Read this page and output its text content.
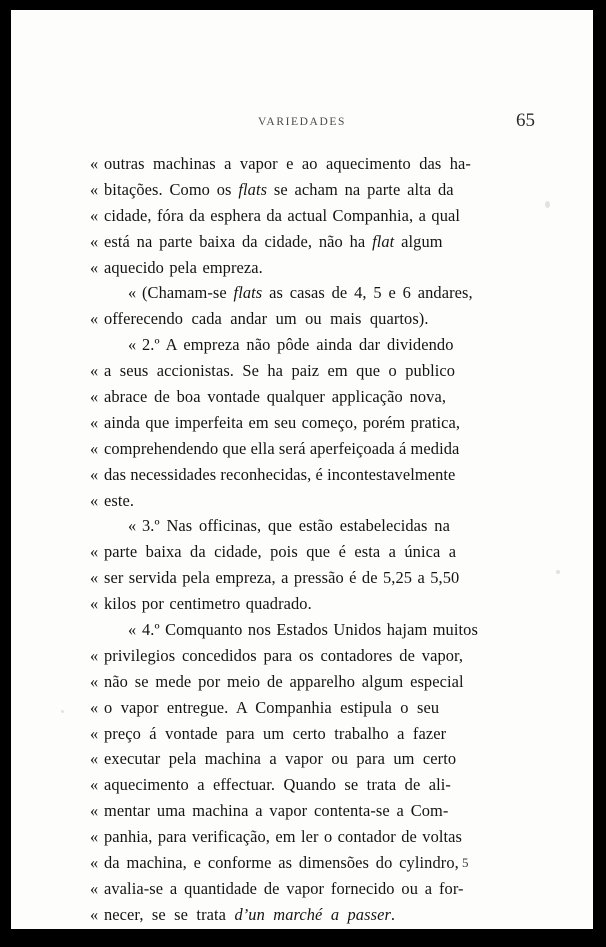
VARIEDADES	65
« outras machinas a vapor e ao aquecimento das ha-
« bitações. Como os flats se acham na parte alta da
« cidade, fóra da esphera da actual Companhia, a qual
« está na parte baixa da cidade, não ha flat algum
« aquecido pela empreza.
« (Chamam-se flats as casas de 4, 5 e 6 andares,
« offerecendo cada andar um ou mais quartos).
« 2.º A empreza não pôde ainda dar dividendo
« a seus accionistas. Se ha paiz em que o publico
« abrace de boa vontade qualquer applicação nova,
« ainda que imperfeita em seu começo, porém pratica,
« comprehendendo que ella será aperfeiçoada á medida
« das necessidades reconhecidas, é incontestavelmente
« este.
« 3.º Nas officinas, que estão estabelecidas na
« parte baixa da cidade, pois que é esta a única a
« ser servida pela empreza, a pressão é de 5,25 a 5,50
« kilos por centimetro quadrado.
« 4.º Comquanto nos Estados Unidos hajam muitos
« privilegios concedidos para os contadores de vapor,
« não se mede por meio de apparelho algum especial
« o vapor entregue. A Companhia estipula o seu
« preço á vontade para um certo trabalho a fazer
« executar pela machina a vapor ou para um certo
« aquecimento a effectuar. Quando se trata de ali-
« mentar uma machina a vapor contenta-se a Com-
« panhia, para verificação, em ler o contador de voltas
« da machina, e conforme as dimensões do cylindro,
« avalia-se a quantidade de vapor fornecido ou a for-
« necer, se se trata d’un marché a passer.
5
